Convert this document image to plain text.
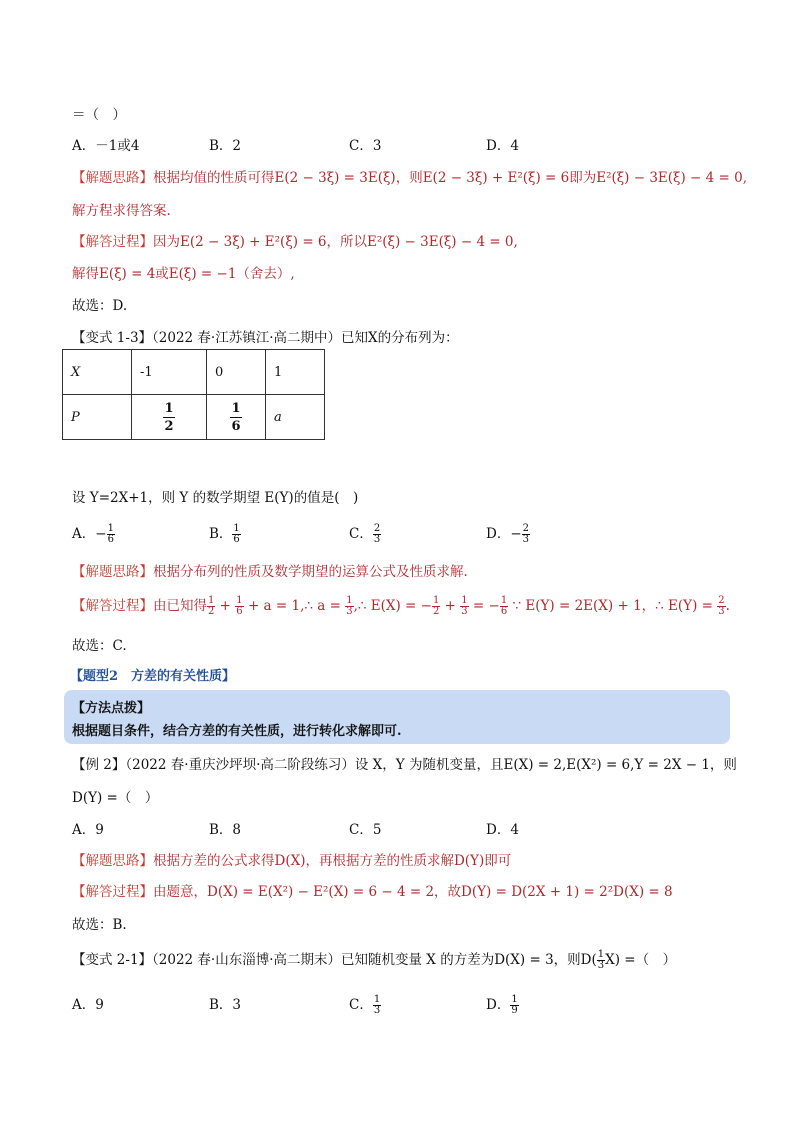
＝（　）
A．－1或4	B．2	C．3	D．4
【解题思路】根据均值的性质可得E(2 − 3ξ) = 3E(ξ)，则E(2 − 3ξ) + E²(ξ) = 6即为E²(ξ) − 3E(ξ) − 4 = 0,
解方程求得答案.
【解答过程】因为E(2 − 3ξ) + E²(ξ) = 6，所以E²(ξ) − 3E(ξ) − 4 = 0,
解得E(ξ) = 4或E(ξ) = −1（舍去）,
故选：D.
【变式 1-3】（2022 春·江苏镇江·高二期中）已知X的分布列为：
X	-1	0	1
P	$\frac{1}{2}$	$\frac{1}{6}$	a
设 Y=2X+1，则 Y 的数学期望 E(Y)的值是(　)
A．− $\frac{1}{6}$	B． $\frac{1}{6}$	C． $\frac{2}{3}$	D．− $\frac{2}{3}$
【解题思路】根据分布列的性质及数学期望的运算公式及性质求解.
【解答过程】由已知得 $\frac{1}{2} + \frac{1}{6} + a$ = 1,∴ $a = \frac{1}{3}$ ,∴ E(X) = − $\frac{1}{2} + \frac{1}{3}$ = − $\frac{1}{6}$ ∵ E(Y) = 2E(X) + 1，∴ $E(Y) = \frac{2}{3}$ .
故选：C.
【题型2　方差的有关性质】
【方法点拨】
根据题目条件，结合方差的有关性质，进行转化求解即可.
【例 2】（2022 春·重庆沙坪坝·高二阶段练习）设 X，Y 为随机变量，且E(X) = 2,E(X²) = 6,Y = 2X − 1，则
D(Y) =（　）
A．9	B．8	C．5	D．4
【解题思路】根据方差的公式求得D(X)，再根据方差的性质求解D(Y)即可
【解答过程】由题意，D(X) = E(X²) − E²(X) = 6 − 4 = 2，故D(Y) = D(2X + 1) = 2²D(X) = 8
故选：B.
【变式 2-1】（2022 春·山东淄博·高二期末）已知随机变量 X 的方差为D(X) = 3，则$D( \frac{1}{3} X)$ =（　）
A．9	B．3	C． $\frac{1}{3}$	D． $\frac{1}{9}$
